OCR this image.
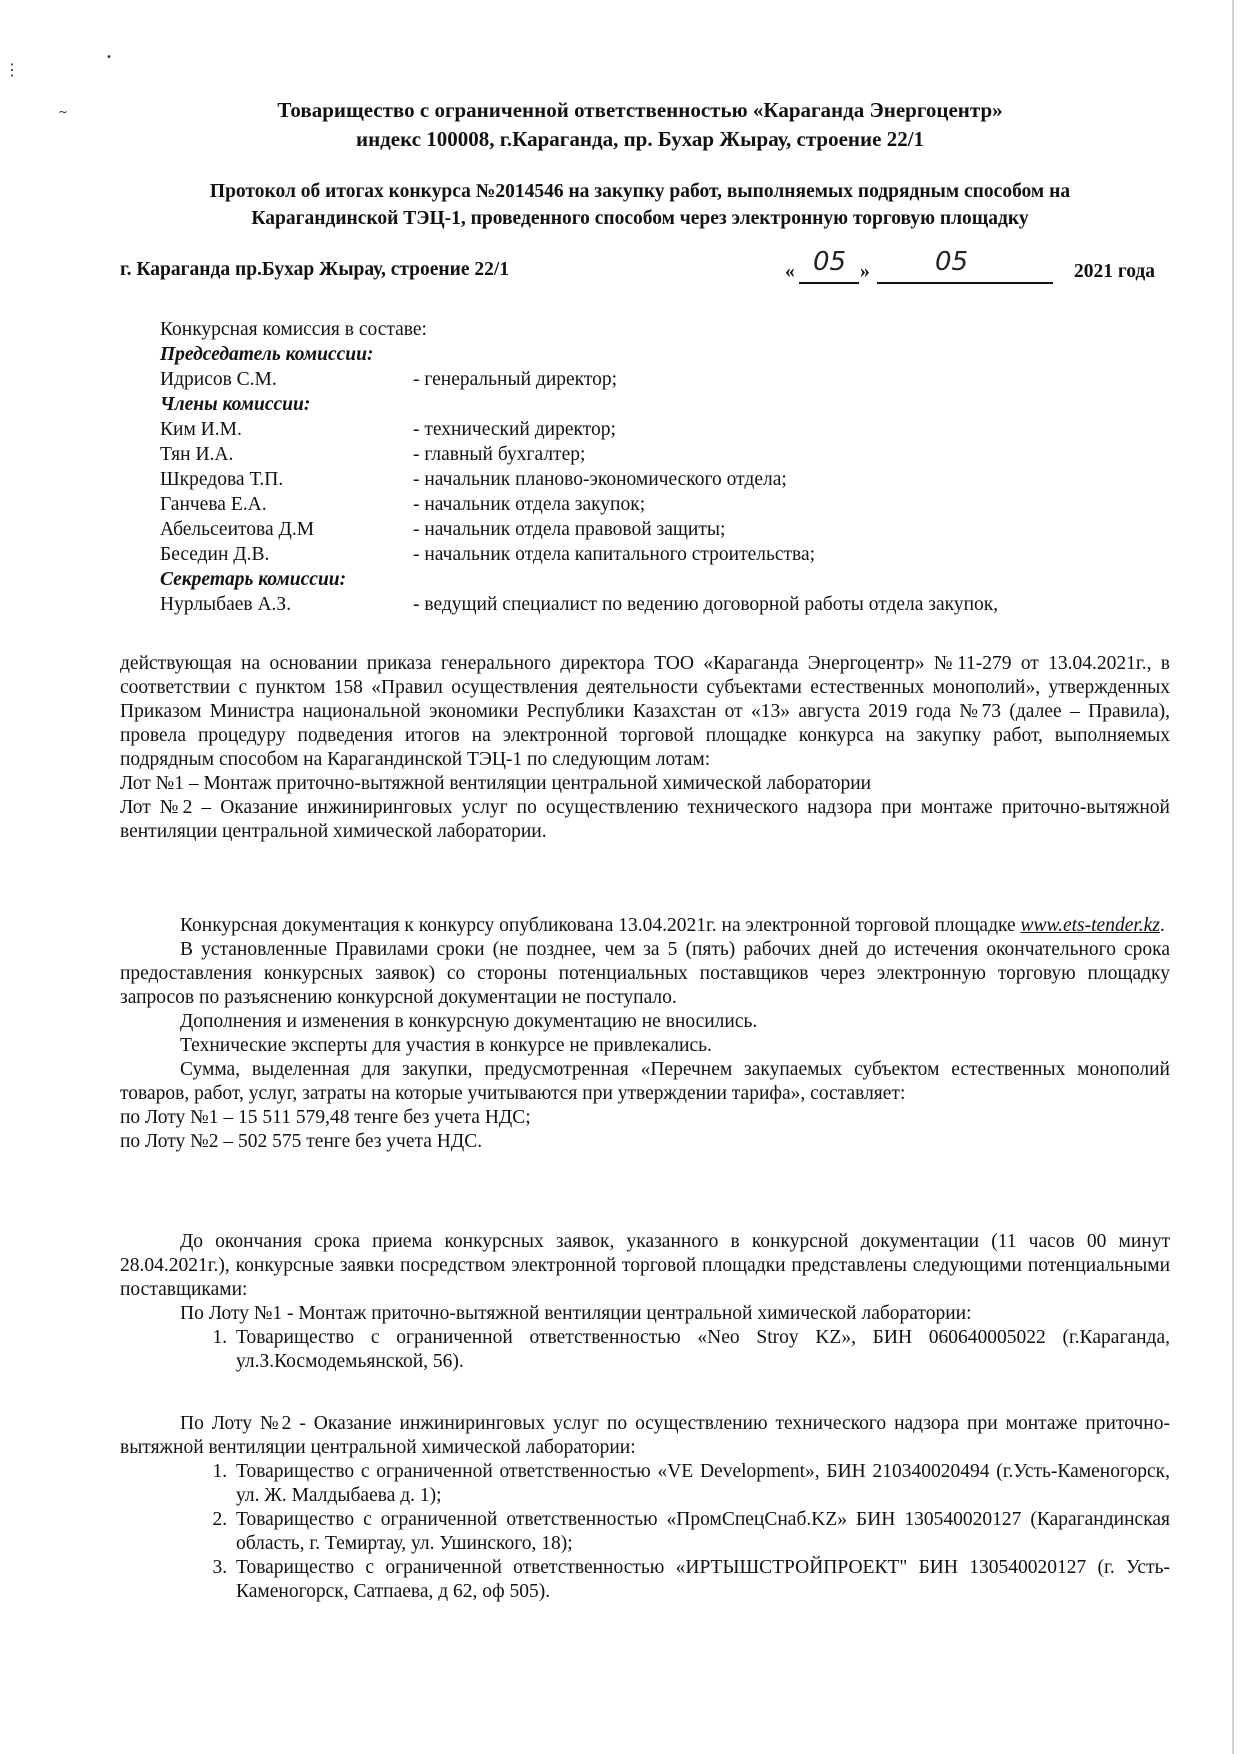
⋮
•
~	Товарищество с ограниченной ответственностью «Караганда Энергоцентр»
индекс 100008, г.Караганда, пр. Бухар Жырау, строение 22/1
Протокол об итогах конкурса №2014546 на закупку работ, выполняемых подрядным способом на
Карагандинской ТЭЦ-1, проведенного способом через электронную торговую площадку
г. Караганда пр.Бухар Жырау, строение 22/1	« 05 »	05	2021 года
Конкурсная комиссия в составе:
Председатель комиссии:
Идрисов С.М.	- генеральный директор;
Члены комиссии:
Ким И.М.	- технический директор;
Тян И.А.	- главный бухгалтер;
Шкредова Т.П.	- начальник планово-экономического отдела;
Ганчева Е.А.	- начальник отдела закупок;
Абельсеитова Д.М	- начальник отдела правовой защиты;
Беседин Д.В.	- начальник отдела капитального строительства;
Секретарь комиссии:
Нурлыбаев А.З.	- ведущий специалист по ведению договорной работы отдела закупок,

действующая на основании приказа генерального директора ТОО «Караганда Энергоцентр» №11-279 от 13.04.2021г., в соответствии с пунктом 158 «Правил осуществления деятельности субъектами естественных монополий», утвержденных Приказом Министра национальной экономики Республики Казахстан от «13» августа 2019 года №73 (далее – Правила), провела процедуру подведения итогов на электронной торговой площадке конкурса на закупку работ, выполняемых подрядным способом на Карагандинской ТЭЦ-1 по следующим лотам:

Лот №1 – Монтаж приточно-вытяжной вентиляции центральной химической лаборатории

Лот №2 – Оказание инжиниринговых услуг по осуществлению технического надзора при монтаже приточно-вытяжной вентиляции центральной химической лаборатории.

Конкурсная документация к конкурсу опубликована 13.04.2021г. на электронной торговой площадке www.ets-tender.kz.

В установленные Правилами сроки (не позднее, чем за 5 (пять) рабочих дней до истечения окончательного срока предоставления конкурсных заявок) со стороны потенциальных поставщиков через электронную торговую площадку запросов по разъяснению конкурсной документации не поступало.

Дополнения и изменения в конкурсную документацию не вносились.

Технические эксперты для участия в конкурсе не привлекались.

Сумма, выделенная для закупки, предусмотренная «Перечнем закупаемых субъектом естественных монополий товаров, работ, услуг, затраты на которые учитываются при утверждении тарифа», составляет:

по Лоту №1 – 15 511 579,48 тенге без учета НДС;

по Лоту №2 – 502 575 тенге без учета НДС.

До окончания срока приема конкурсных заявок, указанного в конкурсной документации (11 часов 00 минут 28.04.2021г.), конкурсные заявки посредством электронной торговой площадки представлены следующими потенциальными поставщиками:

По Лоту №1 - Монтаж приточно-вытяжной вентиляции центральной химической лаборатории:

1. Товарищество с ограниченной ответственностью «Neo Stroy KZ», БИН 060640005022 (г.Караганда, ул.З.Космодемьянской, 56).

По Лоту №2 - Оказание инжиниринговых услуг по осуществлению технического надзора при монтаже приточно-вытяжной вентиляции центральной химической лаборатории:

1. Товарищество с ограниченной ответственностью «VE Development», БИН 210340020494 (г.Усть-Каменогорск, ул. Ж. Малдыбаева д. 1);
2. Товарищество с ограниченной ответственностью «ПромСпецСнаб.KZ» БИН 130540020127 (Карагандинская область, г. Темиртау, ул. Ушинского, 18);
3. Товарищество с ограниченной ответственностью «ИРТЫШСТРОЙПРОЕКТ" БИН 130540020127 (г. Усть-Каменогорск, Сатпаева, д 62, оф 505).
